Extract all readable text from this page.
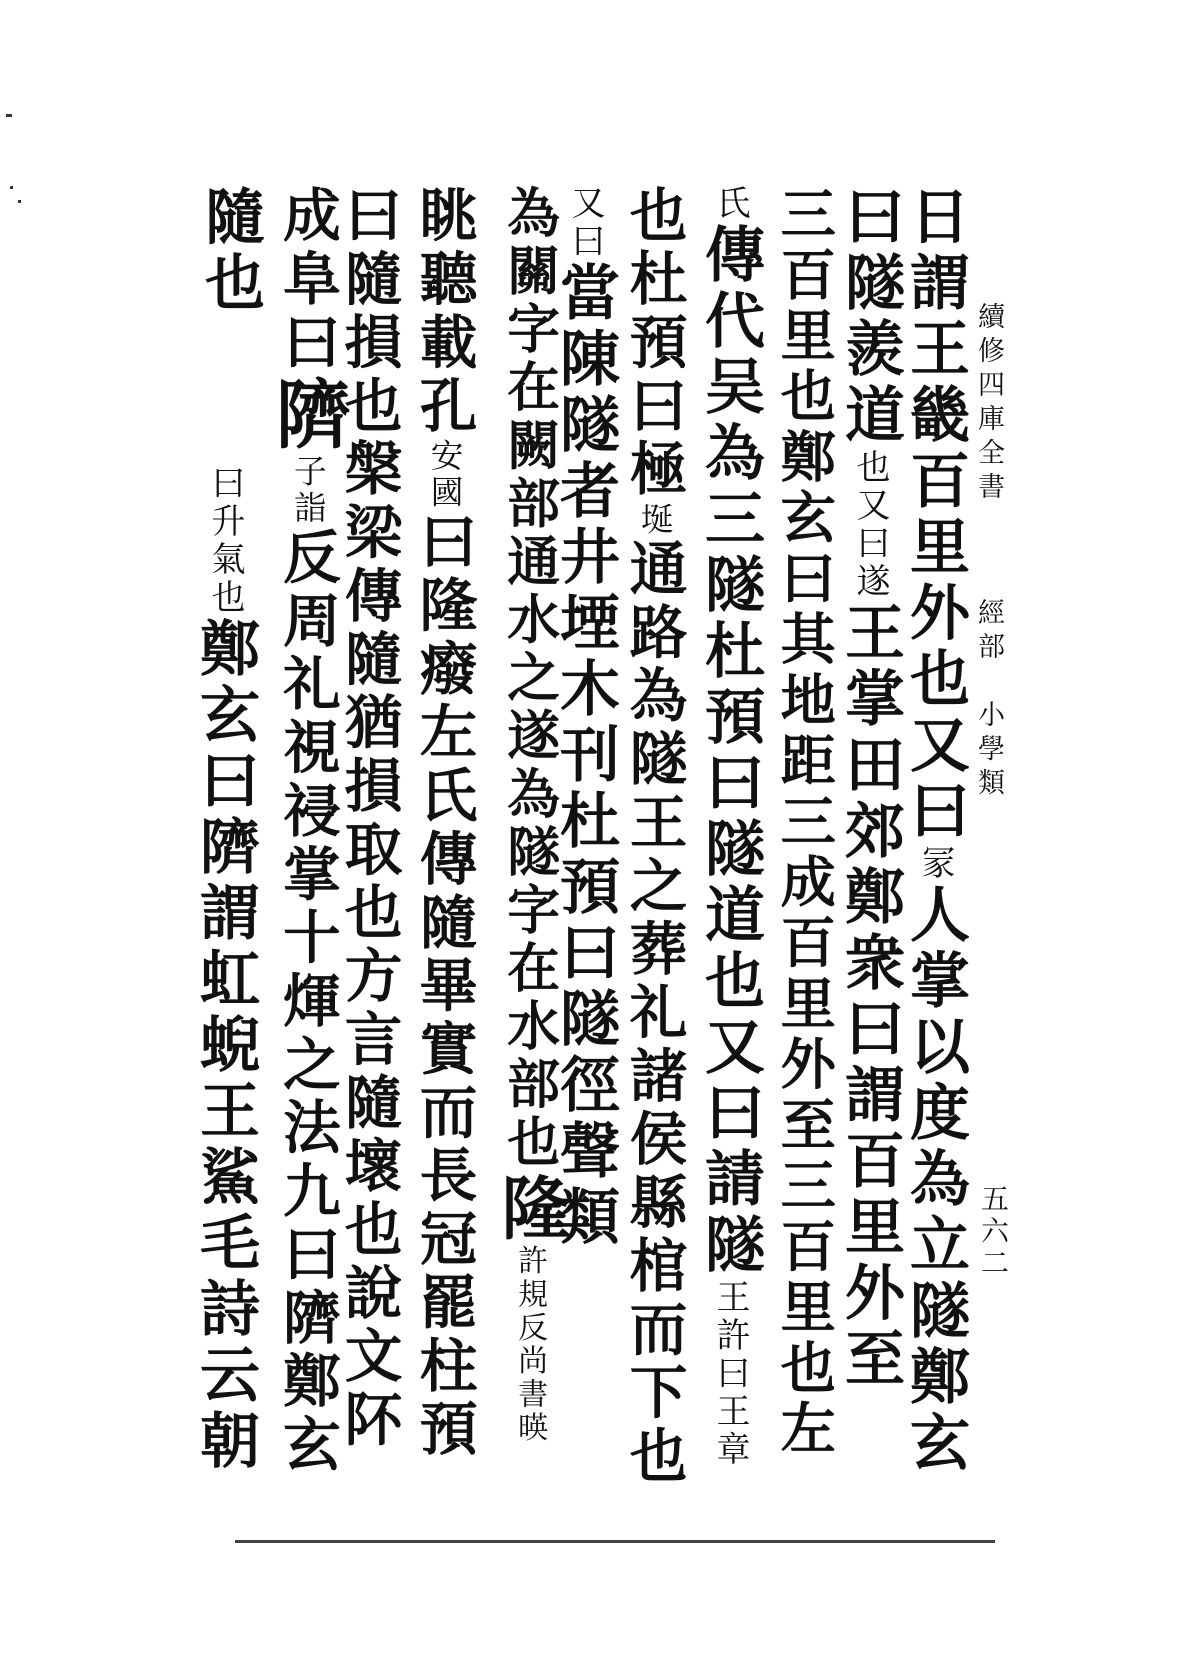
續修四庫全書
經部　小學類
五六二
日謂王畿百里外也又曰冡人掌以度為立隧鄭玄
曰隧羨道也又曰遂王掌田郊鄭衆曰謂百里外至
三百里也鄭玄曰其地距三成百里外至三百里也左
氏傳代吴為三隧杜預曰隧道也又曰請隧王許曰王章
也杜預曰極埏通路為隧王之葬礼諸侯縣棺而下也
又曰當陳隧者井堙木刊杜預曰隧徑聲類
為關字在闕部通水之遂為隧字在水部也隆許規反尚書暎
眺聽載孔安國曰隆癈左氏傳隨畢實而長冠罷柱預
曰隨損也槃梁傳隨猶損取也方言隨壞也說文阫
成阜曰隮子詣反周礼視祲掌十煇之法九曰隮鄭玄
隨也
曰升氣也鄭玄曰隮謂虹蜺王鯊毛詩云朝
